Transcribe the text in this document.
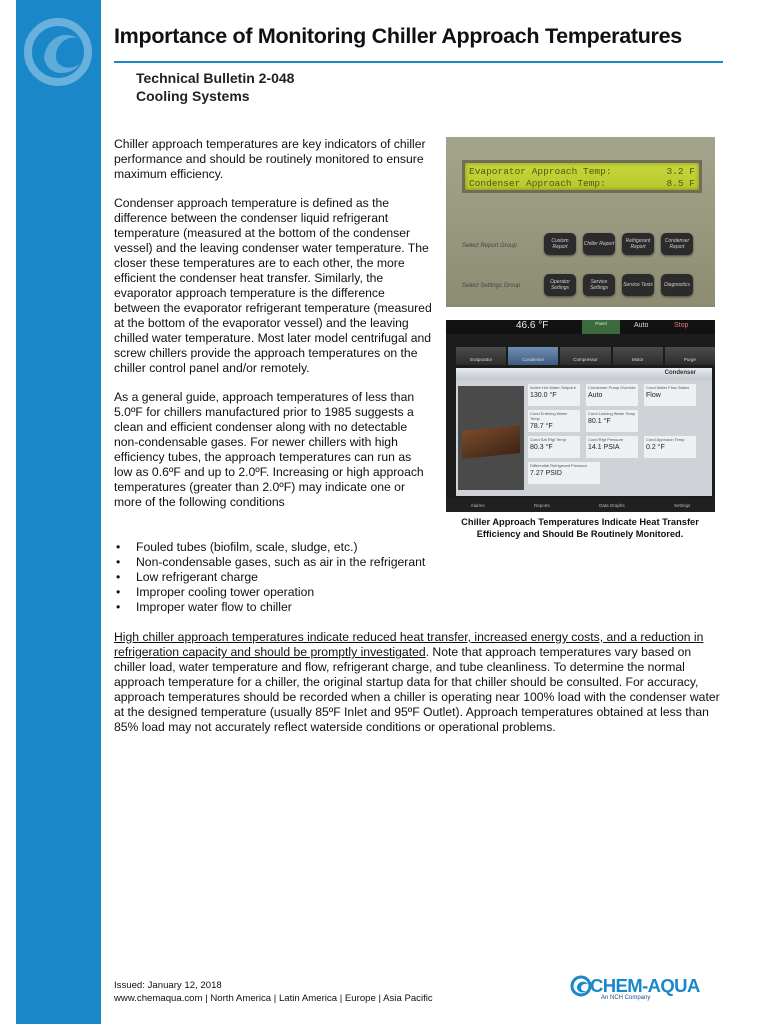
Importance of Monitoring Chiller Approach Temperatures
Technical Bulletin 2-048
Cooling Systems

Chiller approach temperatures are key indicators of chiller performance and should be routinely monitored to ensure maximum efficiency.

Condenser approach temperature is defined as the difference between the condenser liquid refrigerant temperature (measured at the bottom of the condenser vessel) and the leaving condenser water temperature. The closer these temperatures are to each other, the more efficient the condenser heat transfer. Similarly, the evaporator approach temperature is the difference between the evaporator refrigerant temperature (measured at the bottom of the evaporator vessel) and the leaving chilled water temperature. Most later model centrifugal and screw chillers provide the approach temperatures on the chiller control panel and/or remotely.

As a general guide, approach temperatures of less than 5.0ºF for chillers manufactured prior to 1985 suggests a clean and efficient condenser along with no detectable non-condensable gases. For newer chillers with high efficiency tubes, the approach temperatures can run as low as 0.6ºF and up to 2.0ºF. Increasing or high approach temperatures (greater than 2.0ºF) may indicate one or more of the following conditions

• Fouled tubes (biofilm, scale, sludge, etc.)
• Non-condensable gases, such as air in the refrigerant
• Low refrigerant charge
• Improper cooling tower operation
• Improper water flow to chiller

High chiller approach temperatures indicate reduced heat transfer, increased energy costs, and a reduction in refrigeration capacity and should be promptly investigated. Note that approach temperatures vary based on chiller load, water temperature and flow, refrigerant charge, and tube cleanliness. To determine the normal approach temperature for a chiller, the original startup data for that chiller should be consulted. For accuracy, approach temperatures should be recorded when a chiller is operating near 100% load with the condenser water at the designed temperature (usually 85ºF Inlet and 95ºF Outlet). Approach temperatures obtained at less than 85% load may not accurately reflect waterside conditions or operational problems.

Evaporator Approach Temp:	3.2 F
Condenser Approach Temp:	8.5 F
Select Report Group
Custom Report	Chiller Report	Refrigerant Report
Condenser Report
Select Settings Group
Operator Settings
Service Settings	Service Tests	Diagnostics
46.6 °F	Panel	Auto	Stop
Evaporator	Condenser	Compressor	Motor	Purge
Condenser
Active Hot Water Setpoint
130.0 °F
Condenser Pump Override
Auto
Cond Water Flow Status
Flow
Cond Entering Water Temp
78.7 °F
Cond Leaving Water Temp
80.1 °F
Cond Sat Rfgt Temp
80.3 °F
Cond Rfgt Pressure
14.1 PSIA
Cond Approach Temp
0.2 °F
Differential Refrigerant Pressure
7.27 PSID
Alarms	Reports	Data Graphs	Settings
Chiller Approach Temperatures Indicate Heat Transfer Efficiency and Should Be Routinely Monitored.
Issued: January 12, 2018
www.chemaqua.com | North America | Latin America | Europe | Asia Pacific
CHEM-AQUA
An NCH Company
